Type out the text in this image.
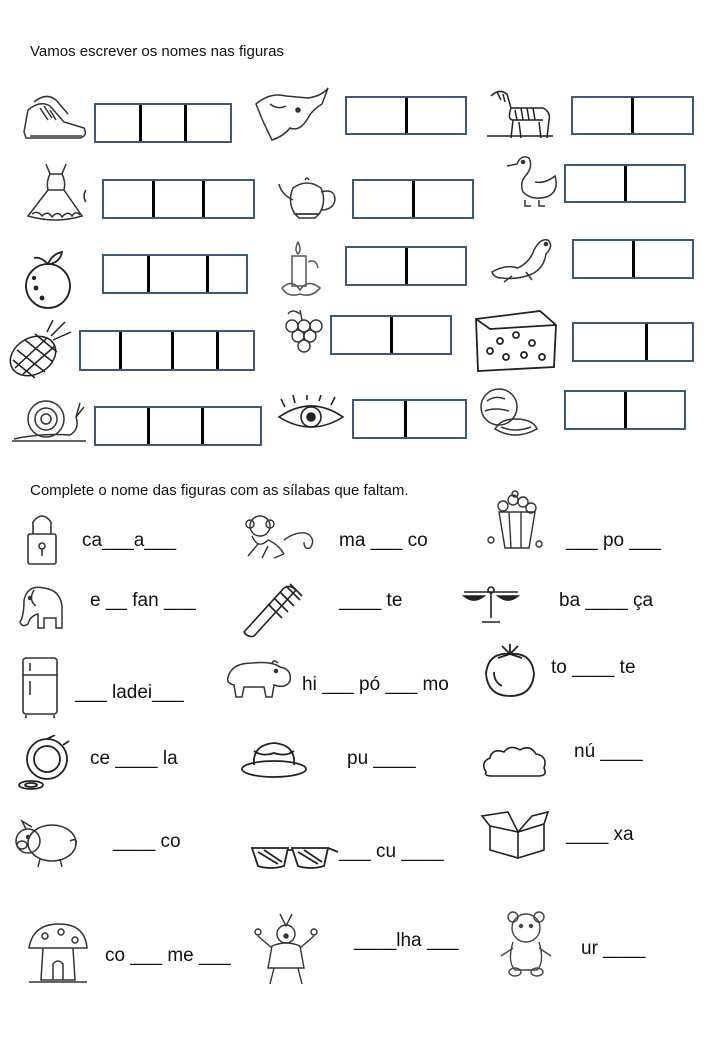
Vamos escrever os nomes nas figuras
Complete o nome das figuras com as sílabas que faltam.
ca___a___	ma ___ co	___ po ___
e __ fan ___	____ te	ba ____ ça
___ ladei___	hi ___ pó ___ mo
to ____ te
ce ____ la	pu ____	nú ____
____ co	___ cu ____
____ xa
co ___ me ___
____lha ___	ur ____
